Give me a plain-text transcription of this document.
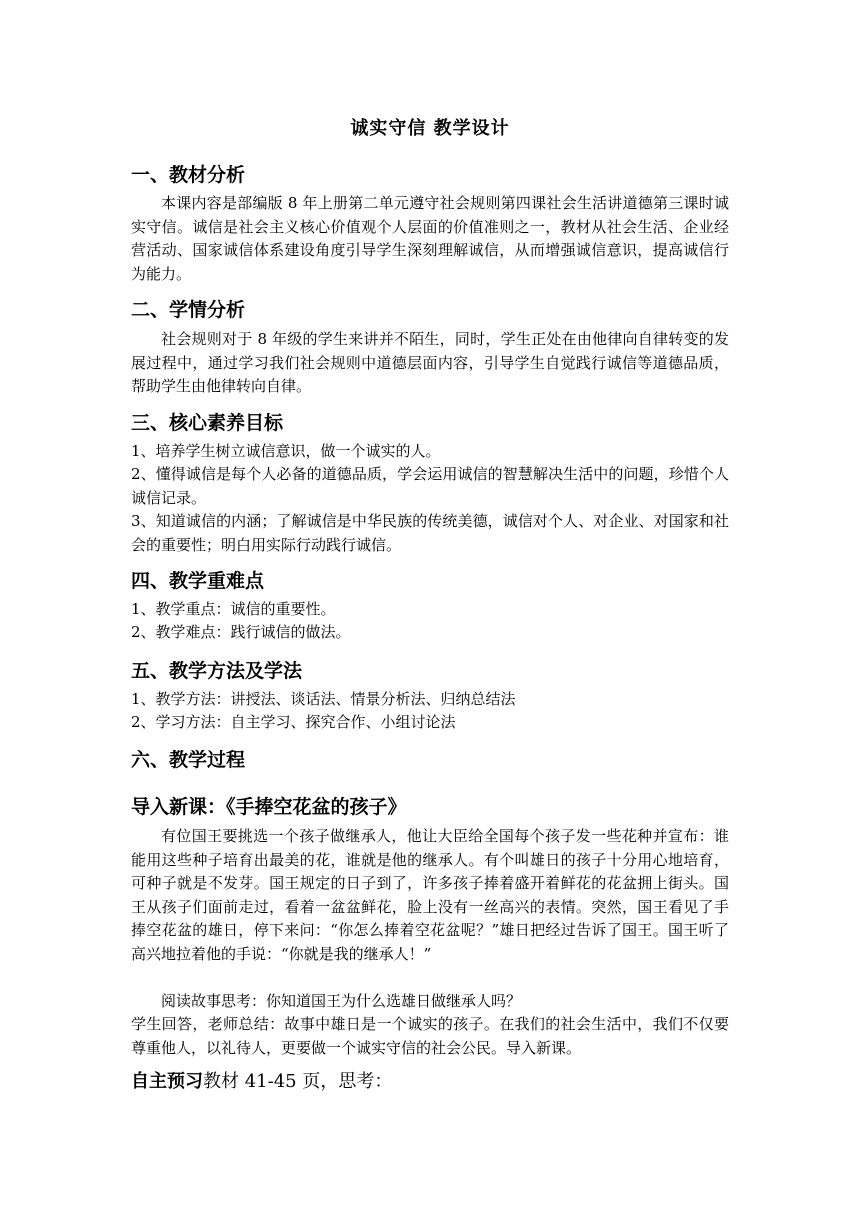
诚实守信 教学设计
一、教材分析
本课内容是部编版 8 年上册第二单元遵守社会规则第四课社会生活讲道德第三课时诚实守信。诚信是社会主义核心价值观个人层面的价值准则之一，教材从社会生活、企业经营活动、国家诚信体系建设角度引导学生深刻理解诚信，从而增强诚信意识，提高诚信行为能力。
二、学情分析
社会规则对于 8 年级的学生来讲并不陌生，同时，学生正处在由他律向自律转变的发展过程中，通过学习我们社会规则中道德层面内容，引导学生自觉践行诚信等道德品质，帮助学生由他律转向自律。
三、核心素养目标
1、培养学生树立诚信意识，做一个诚实的人。
2、懂得诚信是每个人必备的道德品质，学会运用诚信的智慧解决生活中的问题，珍惜个人诚信记录。
3、知道诚信的内涵；了解诚信是中华民族的传统美德，诚信对个人、对企业、对国家和社会的重要性；明白用实际行动践行诚信。
四、教学重难点
1、教学重点：诚信的重要性。
2、教学难点：践行诚信的做法。
五、教学方法及学法
1、教学方法：讲授法、谈话法、情景分析法、归纳总结法
2、学习方法：自主学习、探究合作、小组讨论法
六、教学过程
导入新课：《手捧空花盆的孩子》
有位国王要挑选一个孩子做继承人，他让大臣给全国每个孩子发一些花种并宣布：谁能用这些种子培育出最美的花，谁就是他的继承人。有个叫雄日的孩子十分用心地培育，可种子就是不发芽。国王规定的日子到了，许多孩子捧着盛开着鲜花的花盆拥上街头。国王从孩子们面前走过，看着一盆盆鲜花，脸上没有一丝高兴的表情。突然，国王看见了手捧空花盆的雄日，停下来问：“你怎么捧着空花盆呢？”雄日把经过告诉了国王。国王听了高兴地拉着他的手说：“你就是我的继承人！”
阅读故事思考：你知道国王为什么选雄日做继承人吗？
学生回答，老师总结：故事中雄日是一个诚实的孩子。在我们的社会生活中，我们不仅要尊重他人，以礼待人，更要做一个诚实守信的社会公民。导入新课。
自主预习教材 41-45 页，思考：
